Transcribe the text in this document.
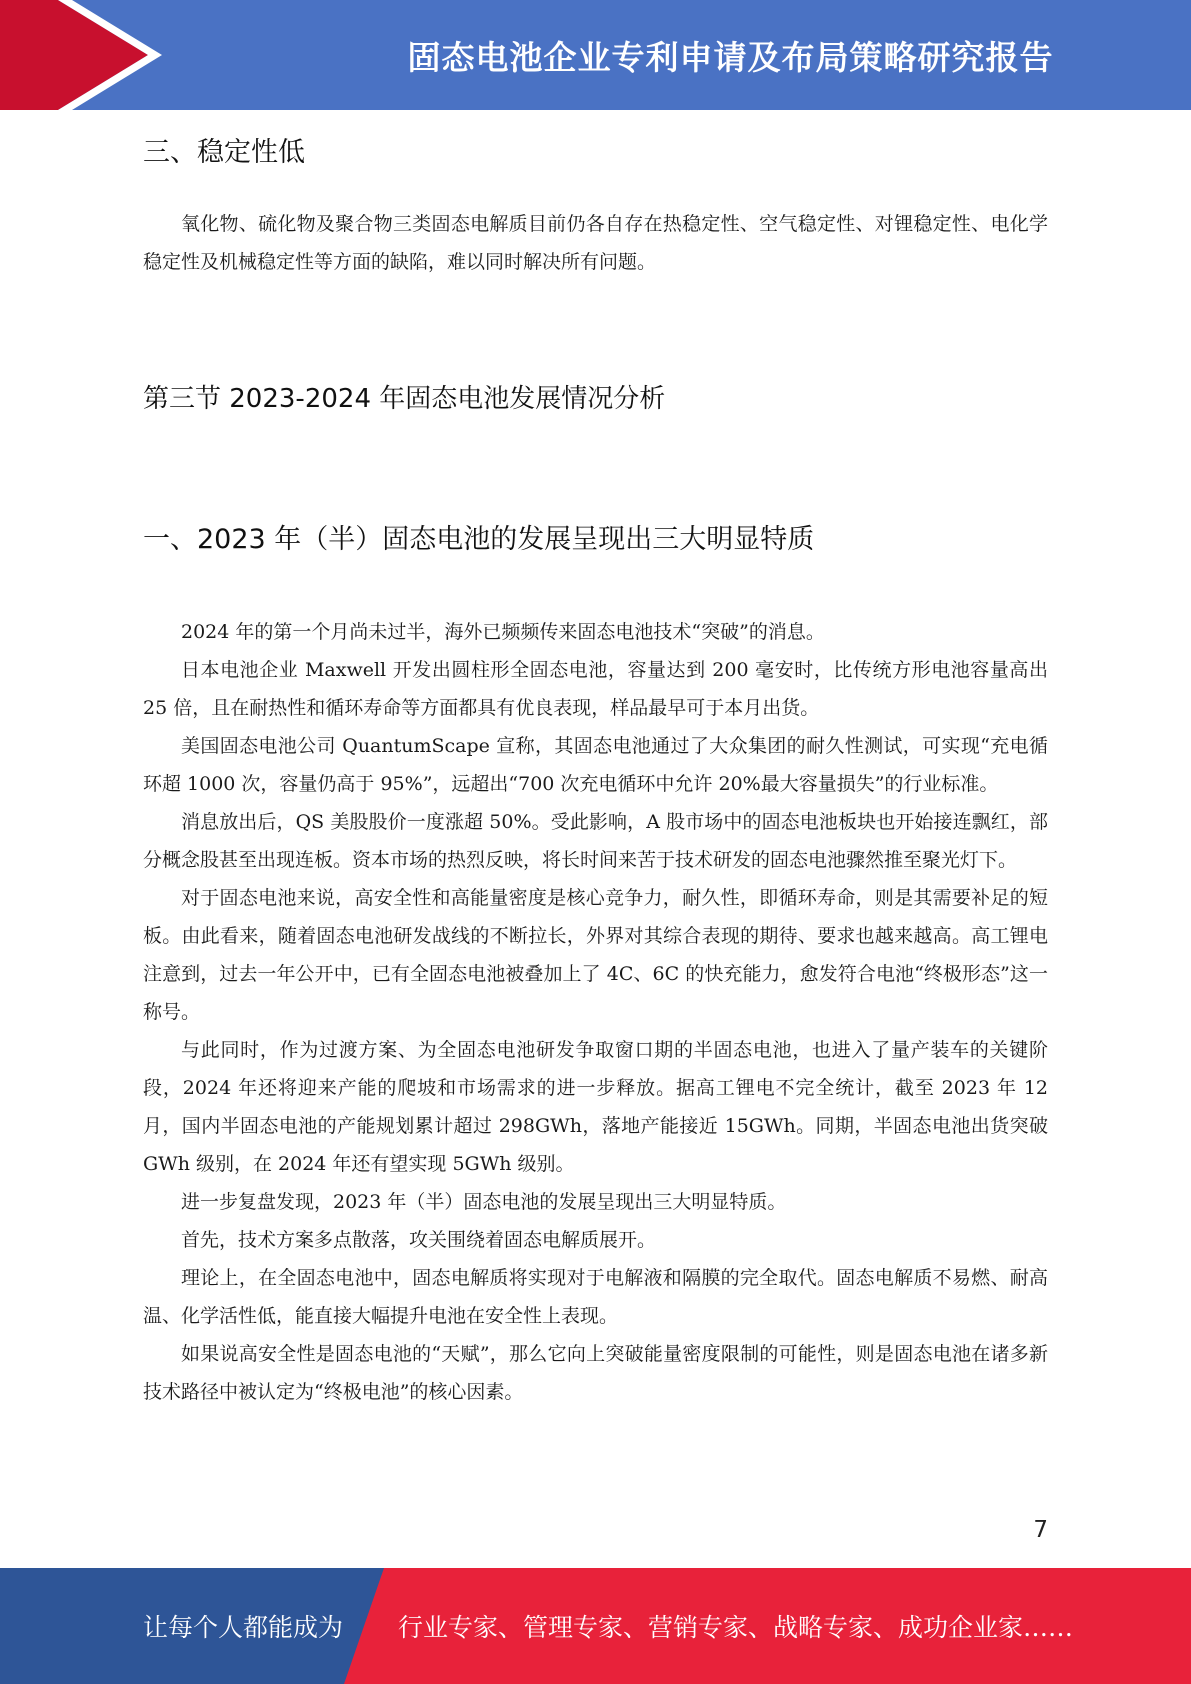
固态电池企业专利申请及布局策略研究报告
三、稳定性低

氧化物、硫化物及聚合物三类固态电解质目前仍各自存在热稳定性、空气稳定性、对锂稳定性、电化学稳定性及机械稳定性等方面的缺陷，难以同时解决所有问题。

第三节 2023-2024 年固态电池发展情况分析
一、2023 年（半）固态电池的发展呈现出三大明显特质

2024 年的第一个月尚未过半，海外已频频传来固态电池技术“突破”的消息。

日本电池企业 Maxwell 开发出圆柱形全固态电池，容量达到 200 毫安时，比传统方形电池容量高出 25 倍，且在耐热性和循环寿命等方面都具有优良表现，样品最早可于本月出货。

美国固态电池公司 QuantumScape 宣称，其固态电池通过了大众集团的耐久性测试，可实现“充电循环超 1000 次，容量仍高于 95%”，远超出“700 次充电循环中允许 20%最大容量损失”的行业标准。

消息放出后，QS 美股股价一度涨超 50%。受此影响，A 股市场中的固态电池板块也开始接连飘红，部分概念股甚至出现连板。资本市场的热烈反映，将长时间来苦于技术研发的固态电池骤然推至聚光灯下。

对于固态电池来说，高安全性和高能量密度是核心竞争力，耐久性，即循环寿命，则是其需要补足的短板。由此看来，随着固态电池研发战线的不断拉长，外界对其综合表现的期待、要求也越来越高。高工锂电注意到，过去一年公开中，已有全固态电池被叠加上了 4C、6C 的快充能力，愈发符合电池“终极形态”这一称号。

与此同时，作为过渡方案、为全固态电池研发争取窗口期的半固态电池，也进入了量产装车的关键阶段，2024 年还将迎来产能的爬坡和市场需求的进一步释放。据高工锂电不完全统计，截至 2023 年 12 月，国内半固态电池的产能规划累计超过 298GWh，落地产能接近 15GWh。同期，半固态电池出货突破 GWh 级别，在 2024 年还有望实现 5GWh 级别。

进一步复盘发现，2023 年（半）固态电池的发展呈现出三大明显特质。

首先，技术方案多点散落，攻关围绕着固态电解质展开。

理论上，在全固态电池中，固态电解质将实现对于电解液和隔膜的完全取代。固态电解质不易燃、耐高温、化学活性低，能直接大幅提升电池在安全性上表现。

如果说高安全性是固态电池的“天赋”，那么它向上突破能量密度限制的可能性，则是固态电池在诸多新技术路径中被认定为“终极电池”的核心因素。

7
让每个人都能成为 行业专家、管理专家、营销专家、战略专家、成功企业家……
